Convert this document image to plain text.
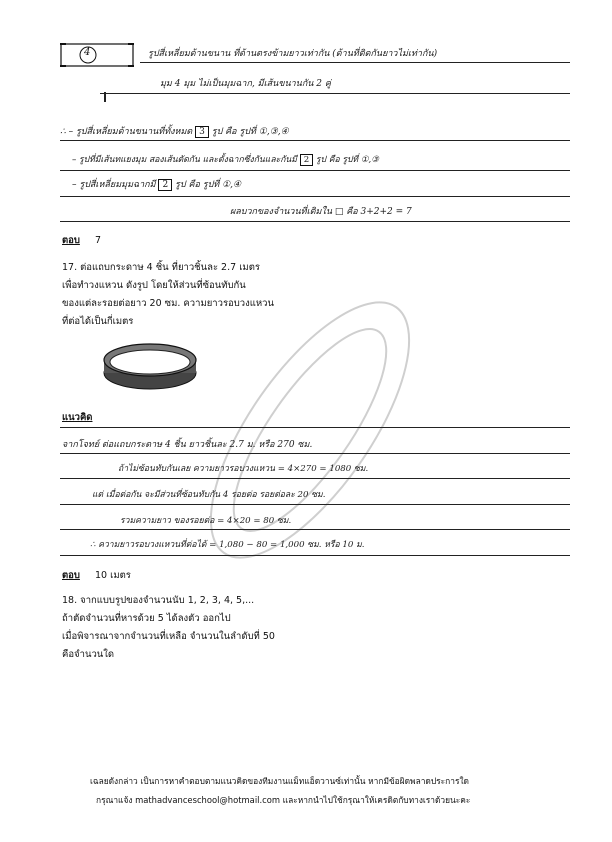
4	รูปสี่เหลี่ยมด้านขนาน ที่ด้านตรงข้ามยาวเท่ากัน (ด้านที่ติดกันยาวไม่เท่ากัน)
มุม 4 มุม ไม่เป็นมุมฉาก, มีเส้นขนานกัน 2 คู่
∴ – รูปสี่เหลี่ยมด้านขนานที่ทั้งหมด 3 รูป คือ รูปที่ ①,③,④
– รูปที่มีเส้นทแยงมุม สองเส้นตัดกัน และตั้งฉากซึ่งกันและกันมี 2 รูป คือ รูปที่ ①,③
– รูปสี่เหลี่ยมมุมฉากมี 2 รูป คือ รูปที่ ①,④
ผลบวกของจำนวนที่เติมใน □ คือ 3+2+2 = 7
ตอบ 7
17. ต่อแถบกระดาษ 4 ชิ้น ที่ยาวชิ้นละ 2.7 เมตร
เพื่อทำวงแหวน ดังรูป โดยให้ส่วนที่ซ้อนทับกัน
ของแต่ละรอยต่อยาว 20 ซม. ความยาวรอบวงแหวน
ที่ต่อได้เป็นกี่เมตร
แนวคิด
จากโจทย์ ต่อแถบกระดาษ 4 ชิ้น ยาวชิ้นละ 2.7 ม. หรือ 270 ซม.
ถ้าไม่ซ้อนทับกันเลย ความยาวรอบวงแหวน = 4×270 = 1080 ซม.
แต่ เมื่อต่อกัน จะมีส่วนที่ซ้อนทับกัน 4 รอยต่อ รอยต่อละ 20 ซม.
รวมความยาว ของรอยต่อ = 4×20 = 80 ซม.
∴ ความยาวรอบวงแหวนที่ต่อได้ = 1,080 − 80 = 1,000 ซม. หรือ 10 ม.
ตอบ 10 เมตร
18. จากแบบรูปของจำนวนนับ 1, 2, 3, 4, 5,...
ถ้าตัดจำนวนที่หารด้วย 5 ได้ลงตัว ออกไป
เมื่อพิจารณาจากจำนวนที่เหลือ จำนวนในลำดับที่ 50
คือจำนวนใด
เฉลยดังกล่าว เป็นการหาคำตอบตามแนวคิดของทีมงานแม็ทแอ็ดวานซ์เท่านั้น หากมีข้อผิดพลาดประการใด
กรุณาแจ้ง mathadvanceschool@hotmail.com และหากนำไปใช้กรุณาให้เครดิตกับทางเราด้วยนะคะ
